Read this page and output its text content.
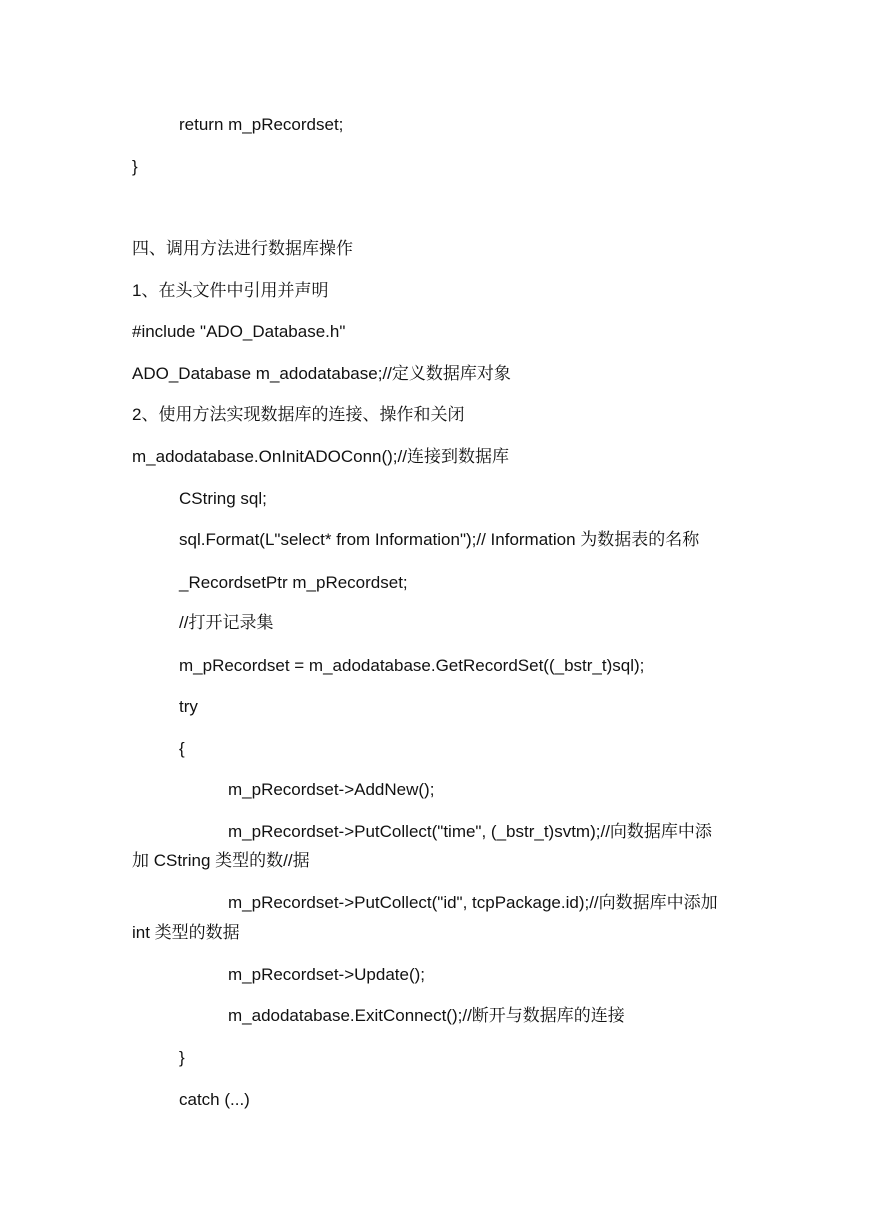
return m_pRecordset;
}
四、调用方法进行数据库操作
1、在头文件中引用并声明
#include "ADO_Database.h"
ADO_Database m_adodatabase;//定义数据库对象
2、使用方法实现数据库的连接、操作和关闭
m_adodatabase.OnInitADOConn();//连接到数据库
CString sql;
sql.Format(L"select* from Information");// Information 为数据表的名称
_RecordsetPtr m_pRecordset;
//打开记录集
m_pRecordset = m_adodatabase.GetRecordSet((_bstr_t)sql);
try
{
m_pRecordset->AddNew();
m_pRecordset->PutCollect("time", (_bstr_t)svtm);//向数据库中添
加 CString 类型的数//据
m_pRecordset->PutCollect("id", tcpPackage.id);//向数据库中添加
int 类型的数据
m_pRecordset->Update();
m_adodatabase.ExitConnect();//断开与数据库的连接
}
catch (...)
